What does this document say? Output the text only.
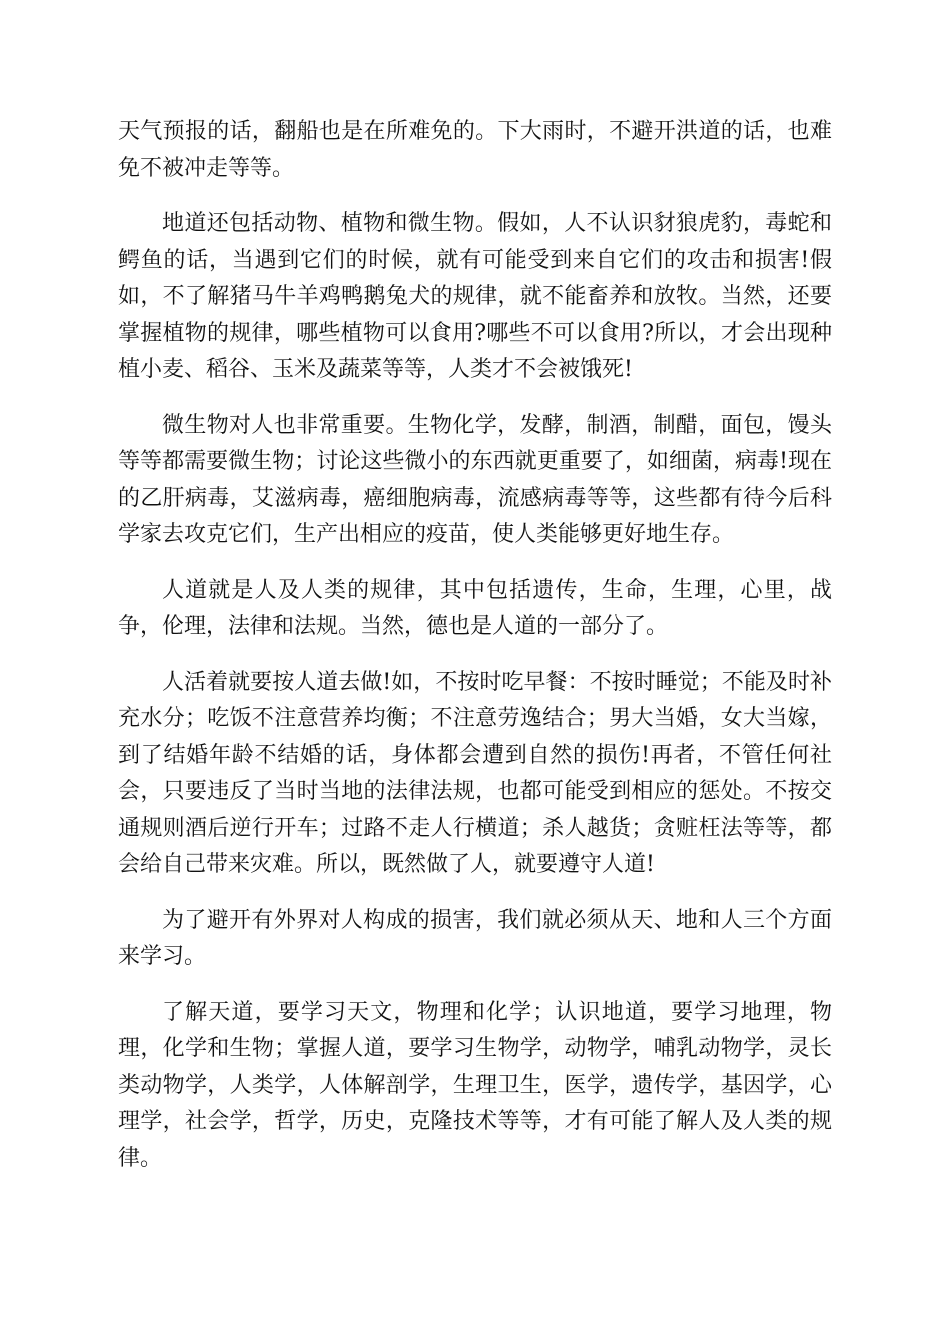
天气预报的话，翻船也是在所难免的。下大雨时，不避开洪道的话，也难免不被冲走等等。

地道还包括动物、植物和微生物。假如，人不认识豺狼虎豹，毒蛇和鳄鱼的话，当遇到它们的时候，就有可能受到来自它们的攻击和损害!假如，不了解猪马牛羊鸡鸭鹅兔犬的规律，就不能畜养和放牧。当然，还要掌握植物的规律，哪些植物可以食用?哪些不可以食用?所以，才会出现种植小麦、稻谷、玉米及蔬菜等等，人类才不会被饿死!

微生物对人也非常重要。生物化学，发酵，制酒，制醋，面包，馒头等等都需要微生物；讨论这些微小的东西就更重要了，如细菌，病毒!现在的乙肝病毒，艾滋病毒，癌细胞病毒，流感病毒等等，这些都有待今后科学家去攻克它们，生产出相应的疫苗，使人类能够更好地生存。

人道就是人及人类的规律，其中包括遗传，生命，生理，心里，战争，伦理，法律和法规。当然，德也是人道的一部分了。

人活着就要按人道去做!如，不按时吃早餐：不按时睡觉；不能及时补充水分；吃饭不注意营养均衡；不注意劳逸结合；男大当婚，女大当嫁，到了结婚年龄不结婚的话，身体都会遭到自然的损伤!再者，不管任何社会，只要违反了当时当地的法律法规，也都可能受到相应的惩处。不按交通规则酒后逆行开车；过路不走人行横道；杀人越货；贪赃枉法等等，都会给自己带来灾难。所以，既然做了人，就要遵守人道!

为了避开有外界对人构成的损害，我们就必须从天、地和人三个方面来学习。

了解天道，要学习天文，物理和化学；认识地道，要学习地理，物理，化学和生物；掌握人道，要学习生物学，动物学，哺乳动物学，灵长类动物学，人类学，人体解剖学，生理卫生，医学，遗传学，基因学，心理学，社会学，哲学，历史，克隆技术等等，才有可能了解人及人类的规律。
